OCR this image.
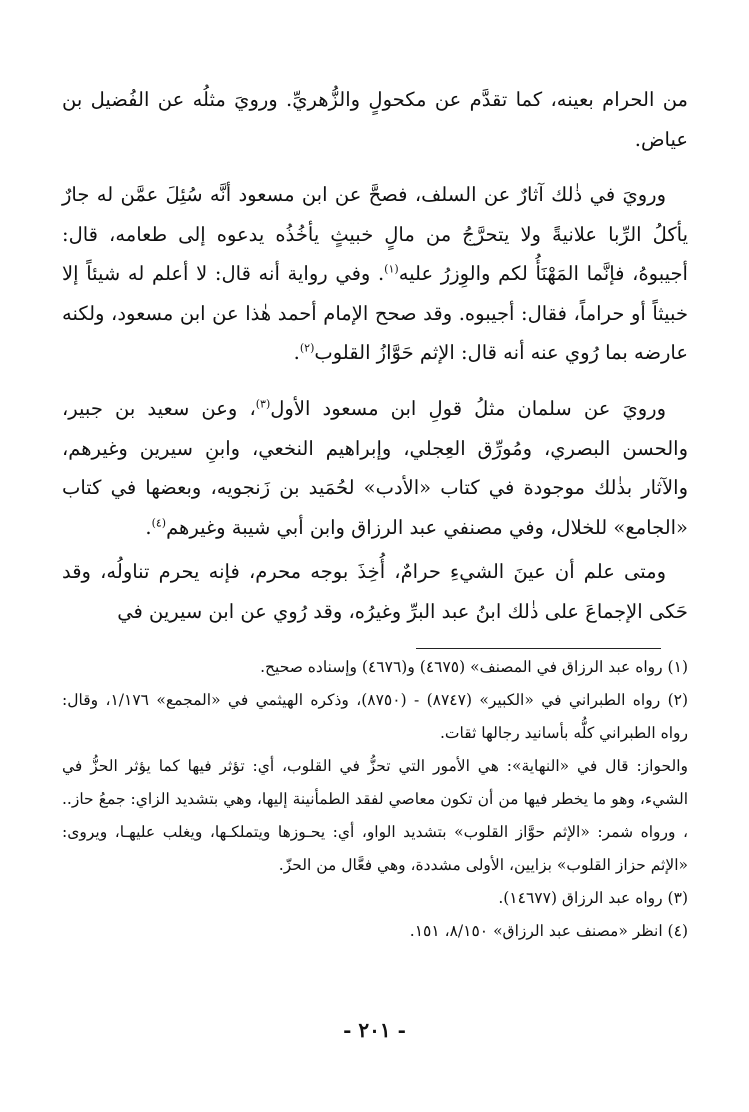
من الحرام بعينه، كما تقدَّم عن مكحولٍ والزُّهريِّ. ورويَ مثلُه عن الفُضيل بن عياض.

ورويَ في ذٰلك آثارٌ عن السلف، فصحَّ عن ابن مسعود أنَّه سُئِلَ عمَّن له جارٌ يأكلُ الرِّبا علانيةً ولا يتحرَّجُ من مالٍ خبيثٍ يأخُذُه يدعوه إلى طعامه، قال: أجيبوهُ، فإنَّما المَهْنَأُ لكم والوِزرُ عليه$^{(١)}$. وفي رواية أنه قال: لا أعلم له شيئاً إلا خبيثاً أو حراماً، فقال: أجيبوه. وقد صحح الإمام أحمد هٰذا عن ابن مسعود، ولكنه عارضه بما رُوي عنه أنه قال: الإثم حَوَّازُ القلوب$^{(٢)}$.

ورويَ عن سلمان مثلُ قولِ ابن مسعود الأول$^{(٣)}$، وعن سعيد بن جبير، والحسن البصري، ومُورِّق العِجلي، وإبراهيم النخعي، وابنِ سيرين وغيرهم، والآثار بذٰلك موجودة في كتاب «الأدب» لحُمَيد بن زَنجويه، وبعضها في كتاب «الجامع» للخلال، وفي مصنفي عبد الرزاق وابن أبي شيبة وغيرهم$^{(٤)}$.

ومتى علم أن عينَ الشيءِ حرامٌ، أُخِذَ بوجه محرم، فإنه يحرم تناولُه، وقد حَكى الإجماعَ على ذٰلك ابنُ عبد البرِّ وغيرُه، وقد رُوي عن ابن سيرين في

(١) رواه عبد الرزاق في المصنف» (٤٦٧٥) و(٤٦٧٦) وإسناده صحيح.

(٢) رواه الطبراني في «الكبير» (٨٧٤٧) - (٨٧٥٠)، وذكره الهيثمي في «المجمع» ١/١٧٦، وقال: رواه الطبراني كلُّه بأسانيد رجالها ثقات.

والحواز: قال في «النهاية»: هي الأمور التي تحزُّ في القلوب، أي: تؤثر فيها كما يؤثر الحزُّ في الشيء، وهو ما يخطر فيها من أن تكون معاصي لفقد الطمأنينة إليها، وهي بتشديد الزاي: جمعُ حاز.. ، ورواه شمر: «الإثم حوَّاز القلوب» بتشديد الواو، أي: يحـوزها ويتملكـها، ويغلب عليهـا، ويروى: «الإثم حزاز القلوب» بزايين، الأولى مشددة، وهي فعَّال من الحزّ.

(٣) رواه عبد الرزاق (١٤٦٧٧).

(٤) انظر «مصنف عبد الرزاق» ٨/١٥٠، ١٥١.

- ٢٠١ -
